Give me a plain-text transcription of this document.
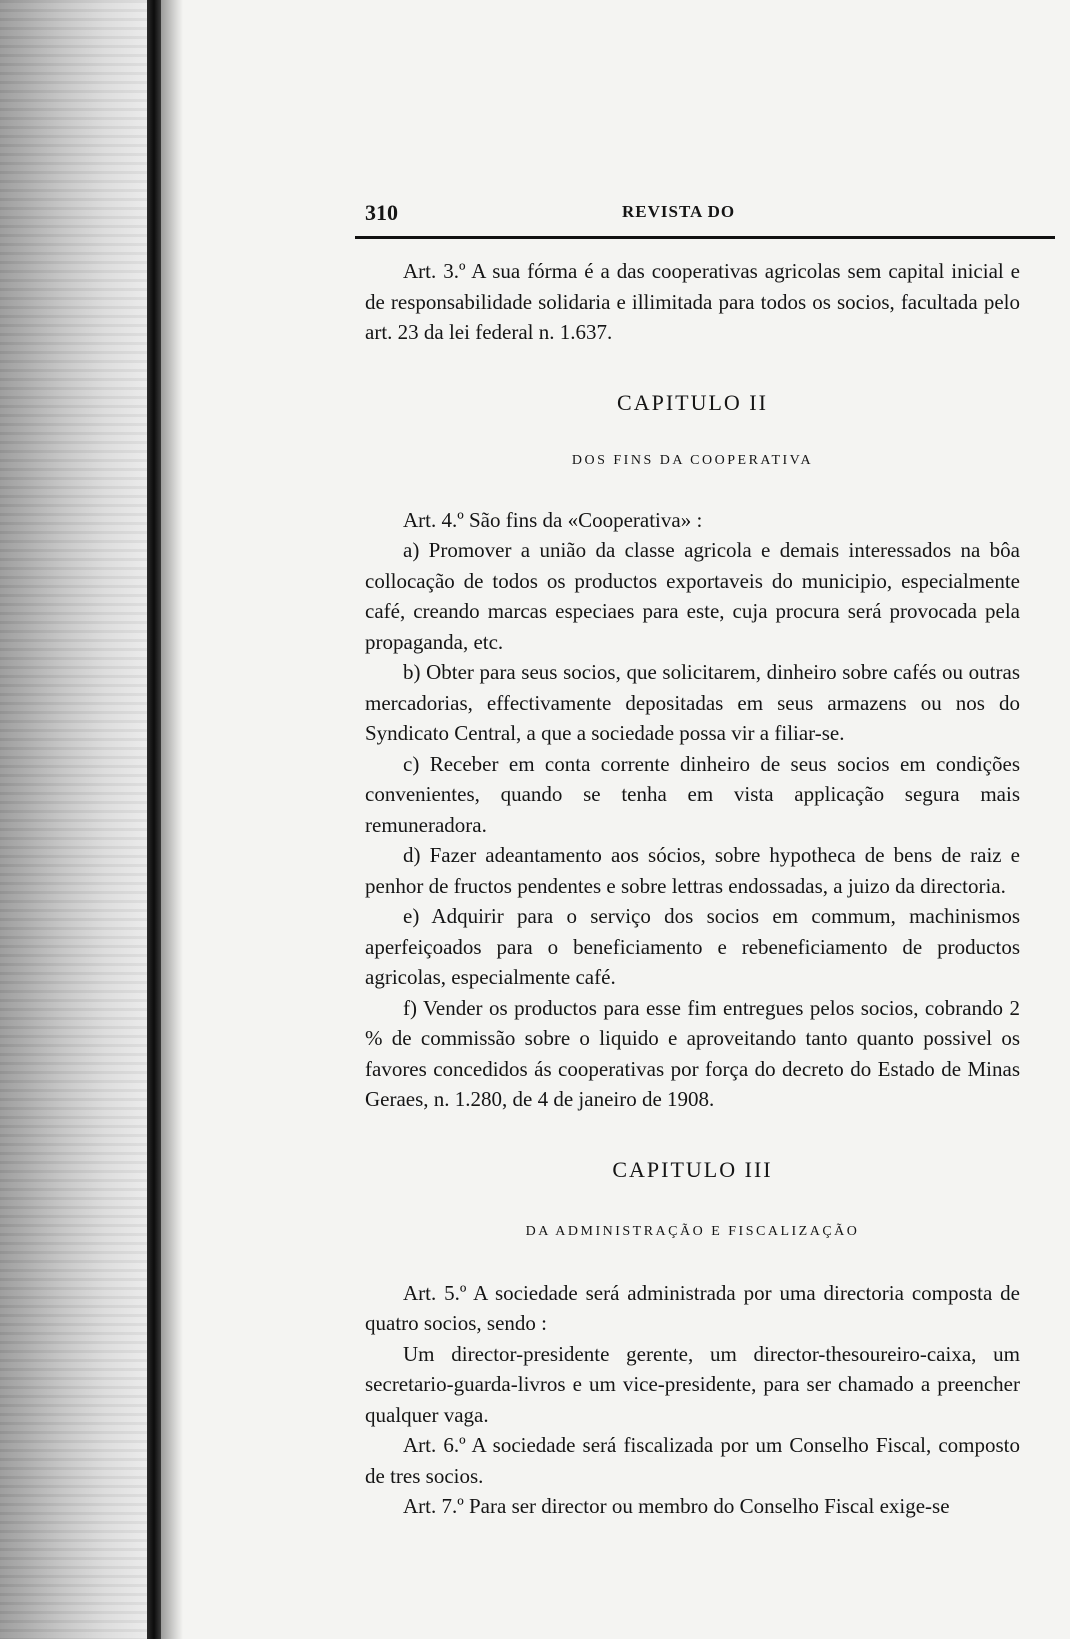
310	REVISTA DO

Art. 3.º A sua fórma é a das cooperativas agricolas sem capital inicial e de responsabilidade solidaria e illimitada para todos os socios, facultada pelo art. 23 da lei federal n. 1.637.

CAPITULO II

DOS FINS DA COOPERATIVA

Art. 4.º São fins da «Cooperativa» :

a) Promover a união da classe agricola e demais interessados na bôa collocação de todos os productos exportaveis do municipio, especialmente café, creando marcas especiaes para este, cuja procura será provocada pela propaganda, etc.

b) Obter para seus socios, que solicitarem, dinheiro sobre cafés ou outras mercadorias, effectivamente depositadas em seus armazens ou nos do Syndicato Central, a que a sociedade possa vir a filiar-se.

c) Receber em conta corrente dinheiro de seus socios em condições convenientes, quando se tenha em vista applicação segura mais remuneradora.

d) Fazer adeantamento aos sócios, sobre hypotheca de bens de raiz e penhor de fructos pendentes e sobre lettras endossadas, a juizo da directoria.

e) Adquirir para o serviço dos socios em commum, machinismos aperfeiçoados para o beneficiamento e rebeneficiamento de productos agricolas, especialmente café.

f) Vender os productos para esse fim entregues pelos socios, cobrando 2 % de commissão sobre o liquido e aproveitando tanto quanto possivel os favores concedidos ás cooperativas por força do decreto do Estado de Minas Geraes, n. 1.280, de 4 de janeiro de 1908.

CAPITULO III

DA ADMINISTRAÇÃO E FISCALIZAÇÃO

Art. 5.º A sociedade será administrada por uma directoria composta de quatro socios, sendo :

Um director-presidente gerente, um director-thesoureiro-caixa, um secretario-guarda-livros e um vice-presidente, para ser chamado a preencher qualquer vaga.

Art. 6.º A sociedade será fiscalizada por um Conselho Fiscal, composto de tres socios.

Art. 7.º Para ser director ou membro do Conselho Fiscal exige-se
